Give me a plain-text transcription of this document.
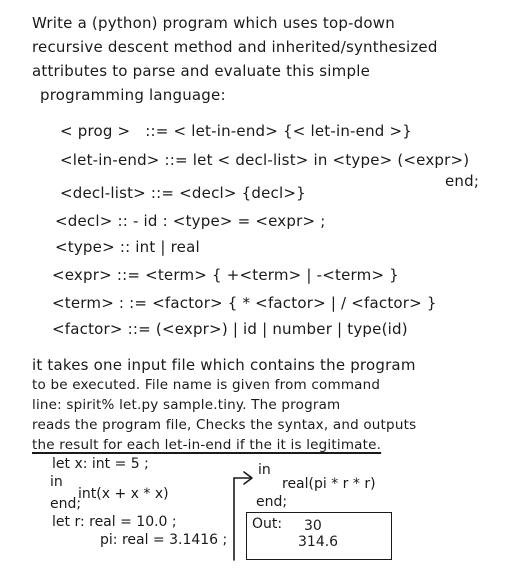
Write a (python) program which uses top-down
recursive descent method and inherited/synthesized
attributes to parse and evaluate this simple
programming language:
< prog >   ::= < let-in-end> {< let-in-end >}
<let-in-end> ::= let < decl-list> in <type> (<expr>)
end;
<decl-list> ::= <decl> {decl>}
<decl> :: - id : <type> = <expr> ;
<type> :: int | real
<expr> ::= <term> { +<term> | -<term> }
<term> : := <factor> { * <factor> | / <factor> }
<factor> ::= (<expr>) | id | number | type(id)
it takes one input file which contains the program
to be executed. File name is given from command
line: spirit% let.py sample.tiny. The program
reads the program file, Checks the syntax, and outputs
the result for each let-in-end if the it is legitimate.
let x: int = 5 ;
in
int(x + x * x)
end;
let r: real = 10.0 ;
pi: real = 3.1416 ;
in
real(pi * r * r)
end;
Out: 30
314.6
